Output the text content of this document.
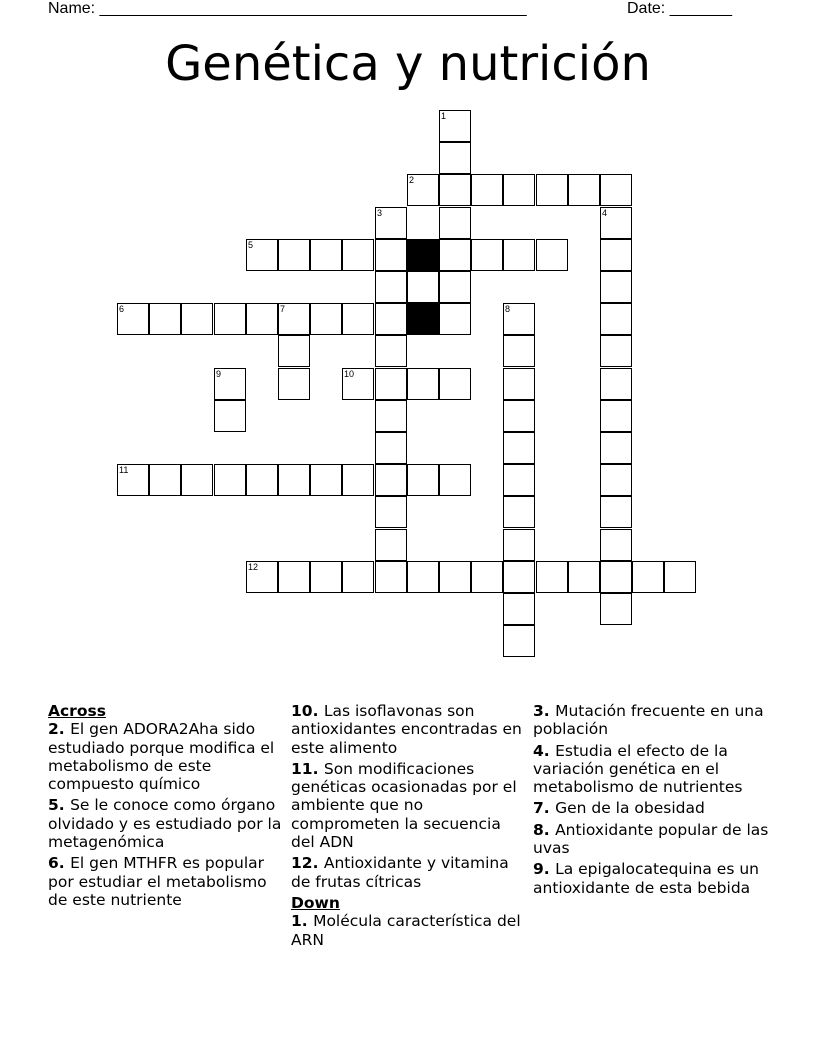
Name: ________________________________________________	Date: _______
Genética y nutrición
1
2
3	4
5
6	7	8
9	10
11
12
Across
2. El gen ADORA2Aha sido estudiado porque modifica el metabolismo de este compuesto químico
5. Se le conoce como órgano olvidado y es estudiado por la metagenómica
6. El gen MTHFR es popular por estudiar el metabolismo de este nutriente
10. Las isoflavonas son antioxidantes encontradas en este alimento
11. Son modificaciones genéticas ocasionadas por el ambiente que no comprometen la secuencia del ADN
12. Antioxidante y vitamina de frutas cítricas
Down
1. Molécula característica del ARN
3. Mutación frecuente en una población
4. Estudia el efecto de la variación genética en el metabolismo de nutrientes
7. Gen de la obesidad
8. Antioxidante popular de las uvas
9. La epigalocatequina es un antioxidante de esta bebida
